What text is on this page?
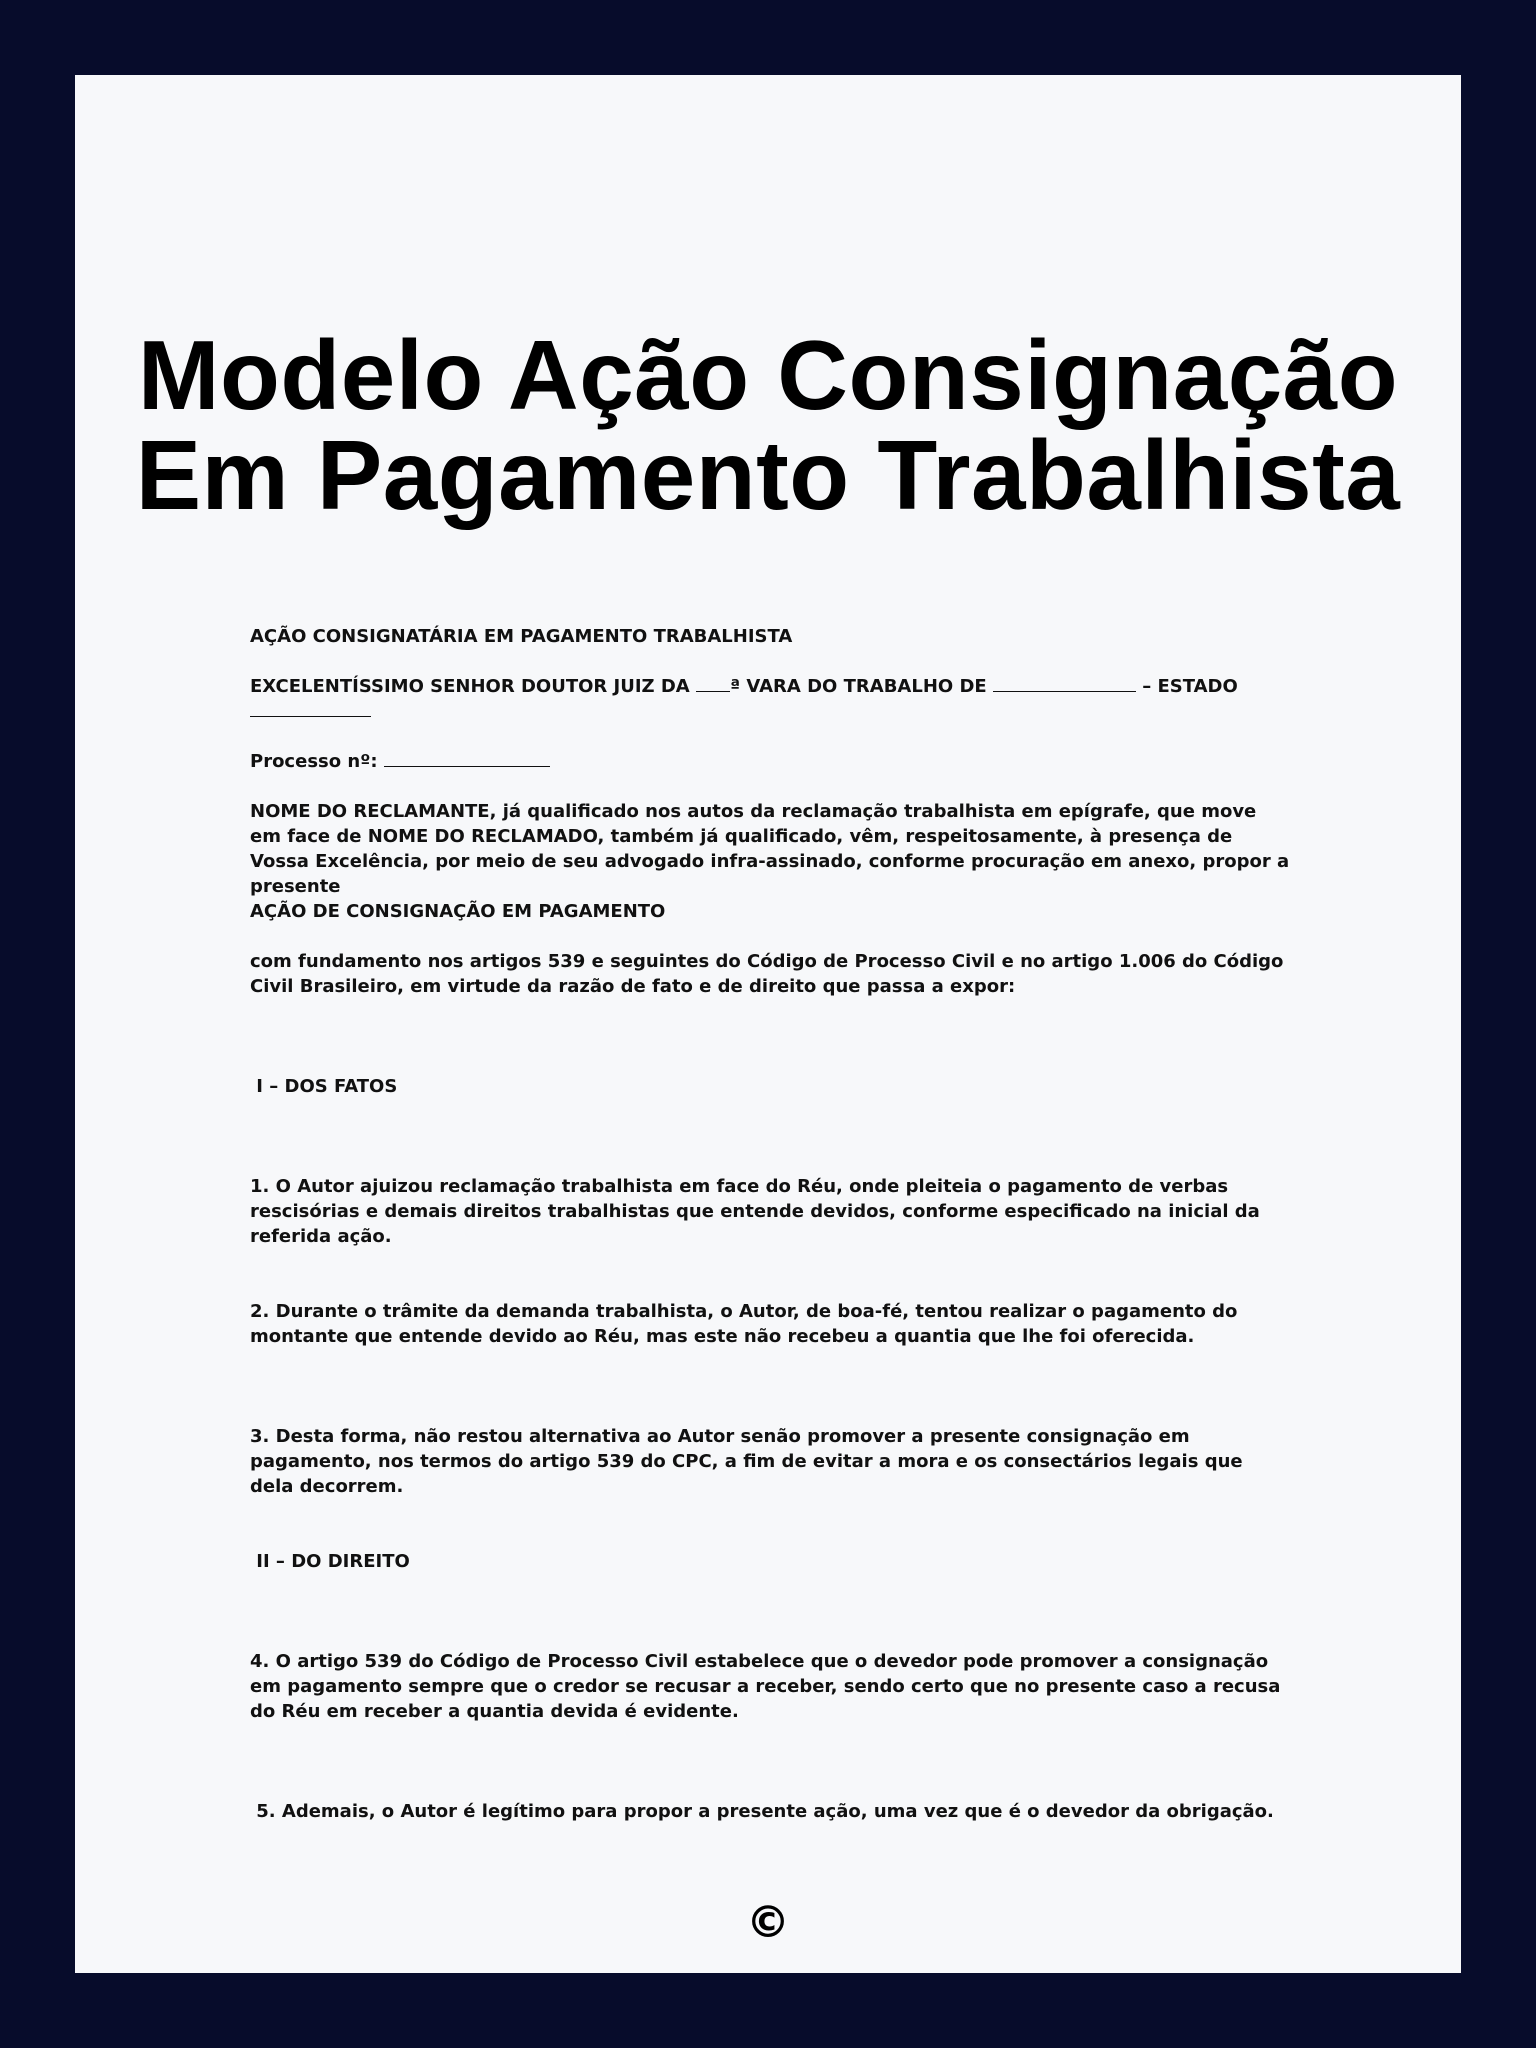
Modelo Ação Consignação
Em Pagamento Trabalhista

AÇÃO CONSIGNATÁRIA EM PAGAMENTO TRABALHISTA

EXCELENTÍSSIMO SENHOR DOUTOR JUIZ DA ª VARA DO TRABALHO DE	– ESTADO

Processo nº:

NOME DO RECLAMANTE, já qualificado nos autos da reclamação trabalhista em epígrafe, que move em face de NOME DO RECLAMADO, também já qualificado, vêm, respeitosamente, à presença de Vossa Excelência, por meio de seu advogado infra-assinado, conforme procuração em anexo, propor a presente

AÇÃO DE CONSIGNAÇÃO EM PAGAMENTO

com fundamento nos artigos 539 e seguintes do Código de Processo Civil e no artigo 1.006 do Código Civil Brasileiro, em virtude da razão de fato e de direito que passa a expor:

I – DOS FATOS

1. O Autor ajuizou reclamação trabalhista em face do Réu, onde pleiteia o pagamento de verbas rescisórias e demais direitos trabalhistas que entende devidos, conforme especificado na inicial da referida ação.

2. Durante o trâmite da demanda trabalhista, o Autor, de boa-fé, tentou realizar o pagamento do montante que entende devido ao Réu, mas este não recebeu a quantia que lhe foi oferecida.

3. Desta forma, não restou alternativa ao Autor senão promover a presente consignação em pagamento, nos termos do artigo 539 do CPC, a fim de evitar a mora e os consectários legais que dela decorrem.

II – DO DIREITO

4. O artigo 539 do Código de Processo Civil estabelece que o devedor pode promover a consignação em pagamento sempre que o credor se recusar a receber, sendo certo que no presente caso a recusa do Réu em receber a quantia devida é evidente.

5. Ademais, o Autor é legítimo para propor a presente ação, uma vez que é o devedor da obrigação.

©
